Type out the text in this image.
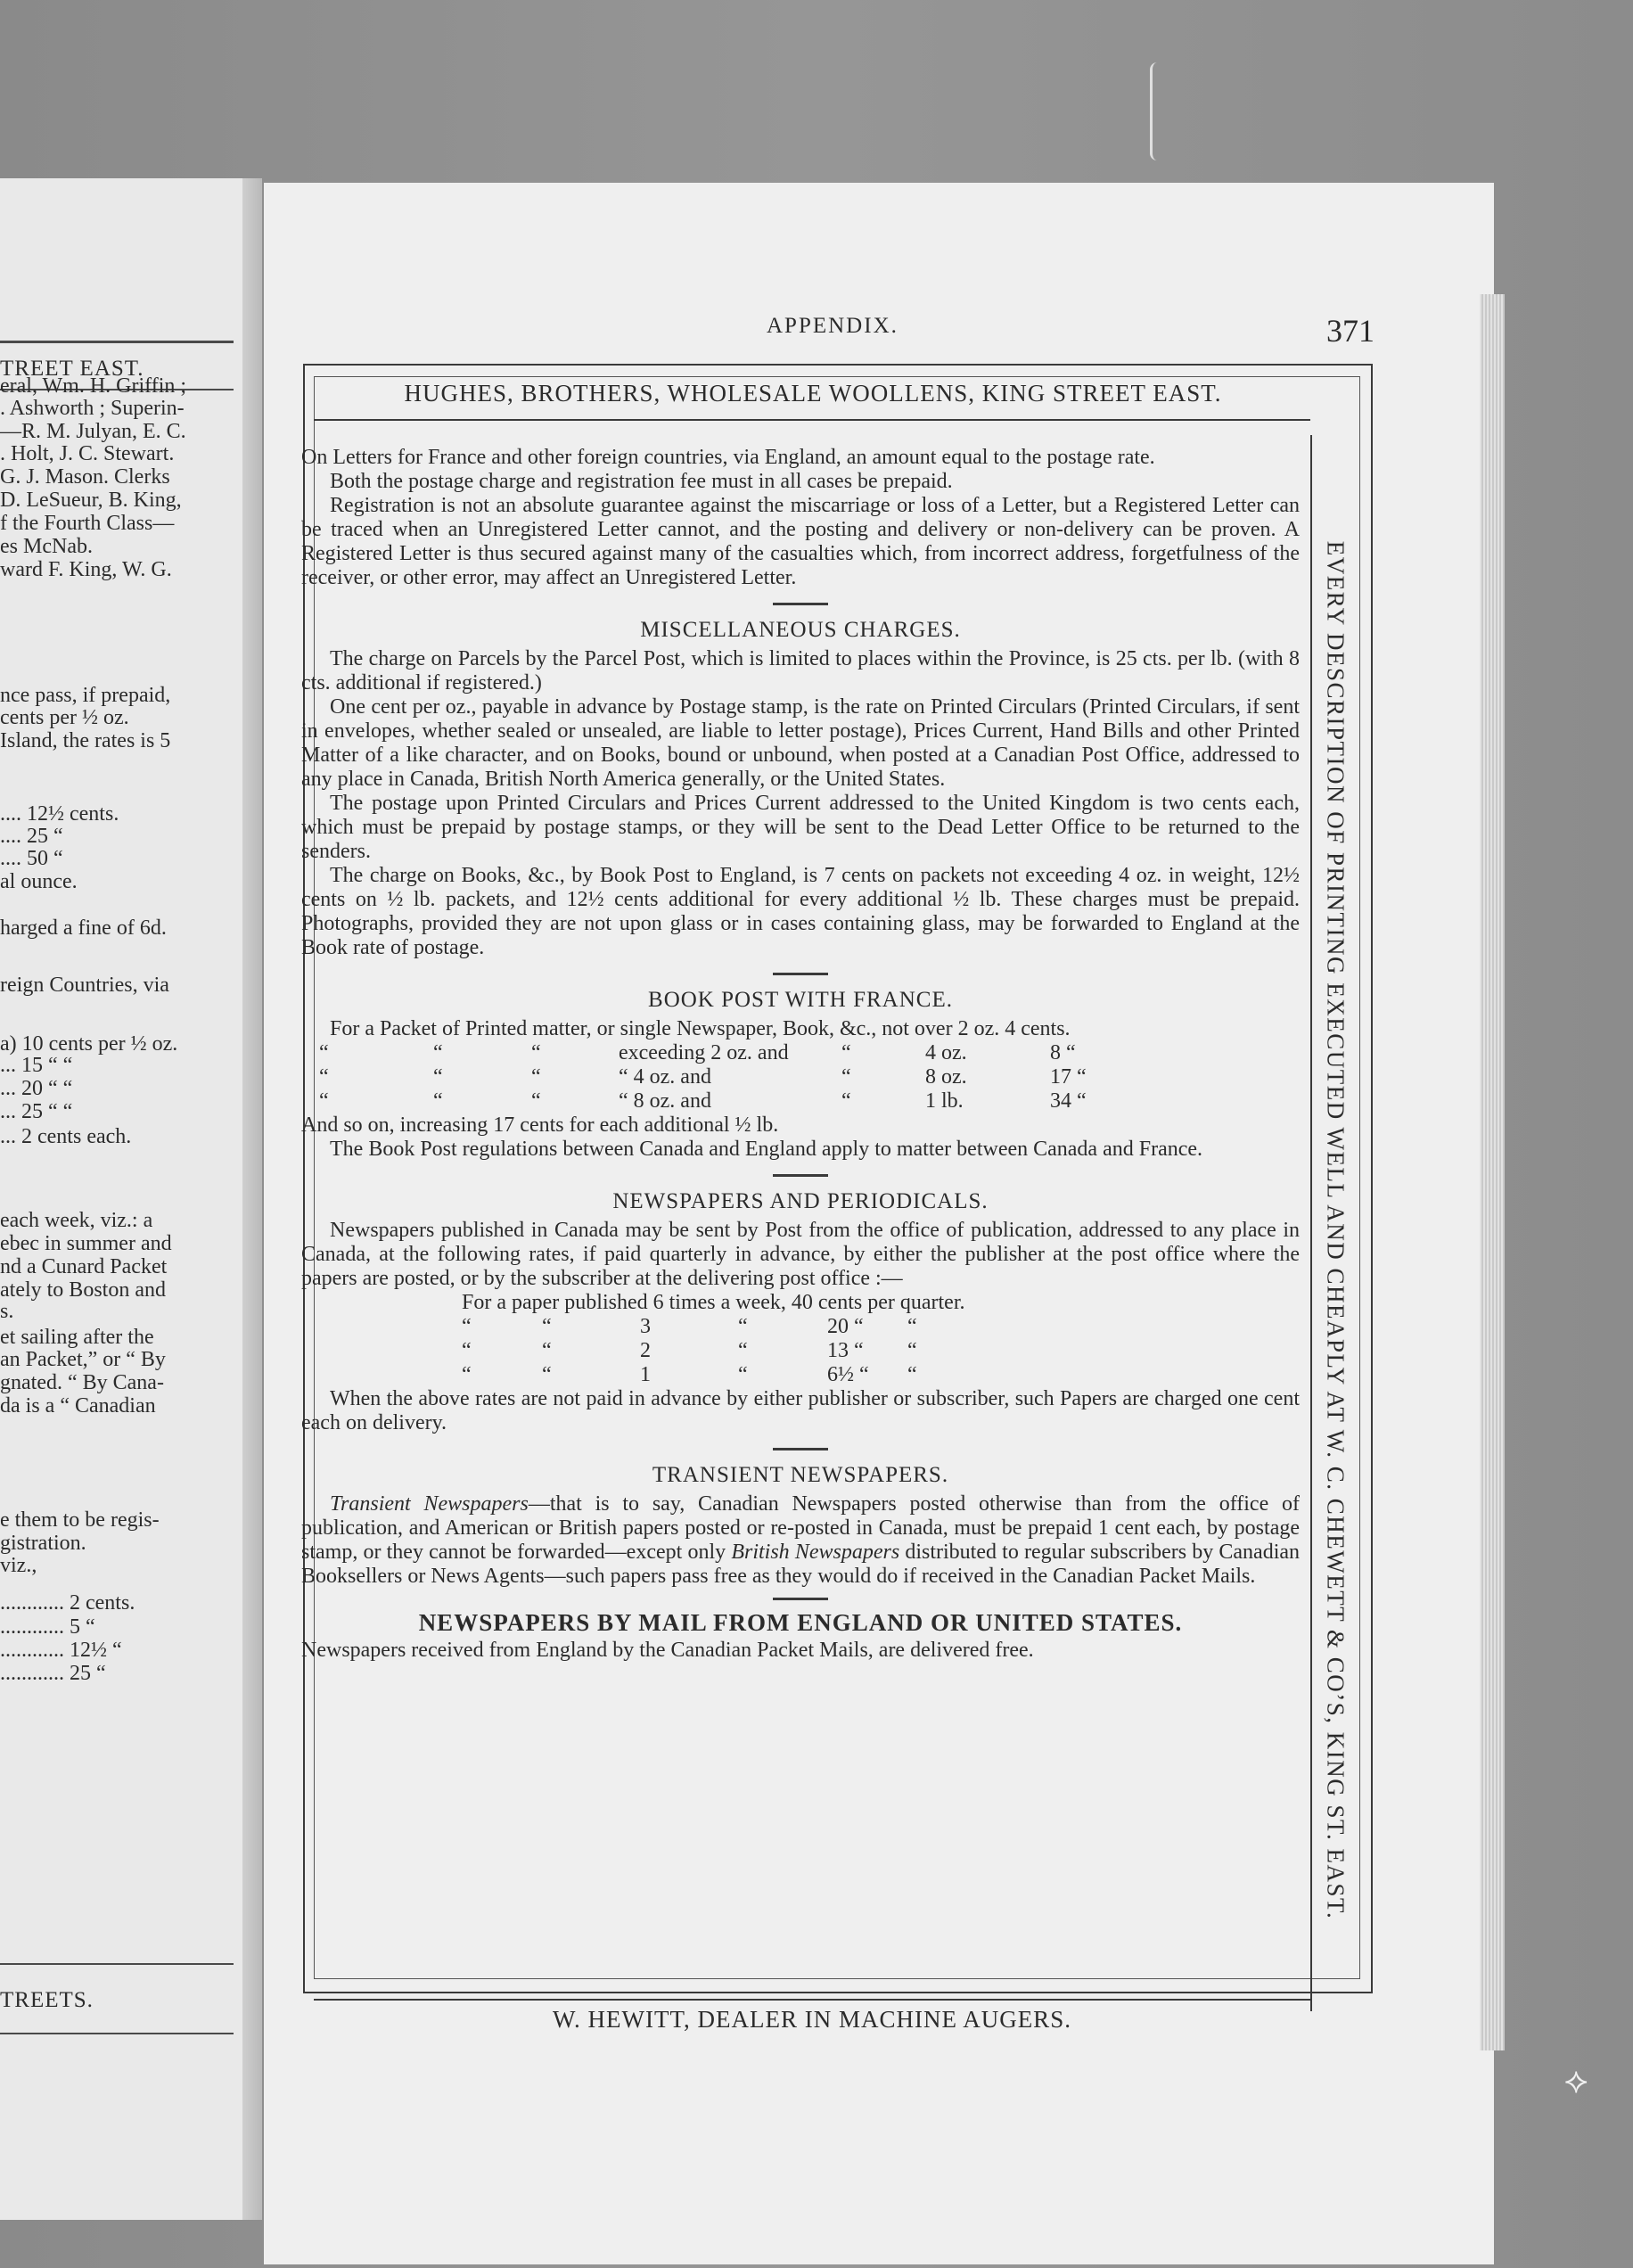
TREET EAST.
eral, Wm. H. Griffin ;
. Ashworth ; Superin-
—R. M. Julyan, E. C.
. Holt, J. C. Stewart.
G. J. Mason. Clerks
D. LeSueur, B. King,
f the Fourth Class—
es McNab.
ward F. King, W. G.
nce pass, if prepaid,
cents per ½ oz.
Island, the rates is 5
.... 12½ cents.
.... 25 “
.... 50 “
al ounce.
harged a fine of 6d.
reign Countries, via
a) 10 cents per ½ oz.
... 15 “ “
... 20 “ “
... 25 “ “
... 2 cents each.
each week, viz.: a
ebec in summer and
nd a Cunard Packet
ately to Boston and
s.
et sailing after the
an Packet,” or “ By
gnated. “ By Cana-
da is a “ Canadian
e them to be regis-
gistration.
viz.,
............ 2 cents.
............ 5 “
............ 12½ “
............ 25 “
TREETS.
APPENDIX.	371
HUGHES, BROTHERS, WHOLESALE WOOLLENS, KING STREET EAST.
EVERY DESCRIPTION OF PRINTING EXECUTED WELL AND CHEAPLY AT W. C. CHEWETT & CO’S, KING ST. EAST.

On Letters for France and other foreign countries, via England, an amount equal to the postage rate.

Both the postage charge and registration fee must in all cases be prepaid.

Registration is not an absolute guarantee against the miscarriage or loss of a Letter, but a Registered Letter can be traced when an Unregistered Letter cannot, and the posting and delivery or non-delivery can be proven. A Registered Letter is thus secured against many of the casualties which, from incorrect address, forgetfulness of the receiver, or other error, may affect an Unregistered Letter.

MISCELLANEOUS CHARGES.

The charge on Parcels by the Parcel Post, which is limited to places within the Province, is 25 cts. per lb. (with 8 cts. additional if registered.)

One cent per oz., payable in advance by Postage stamp, is the rate on Printed Circulars (Printed Circulars, if sent in envelopes, whether sealed or unsealed, are liable to letter postage), Prices Current, Hand Bills and other Printed Matter of a like character, and on Books, bound or unbound, when posted at a Canadian Post Office, addressed to any place in Canada, British North America generally, or the United States.

The postage upon Printed Circulars and Prices Current addressed to the United Kingdom is two cents each, which must be prepaid by postage stamps, or they will be sent to the Dead Letter Office to be returned to the senders.

The charge on Books, &c., by Book Post to England, is 7 cents on packets not exceeding 4 oz. in weight, 12½ cents on ½ lb. packets, and 12½ cents additional for every additional ½ lb. These charges must be prepaid. Photographs, provided they are not upon glass or in cases containing glass, may be forwarded to England at the Book rate of postage.

BOOK POST WITH FRANCE.

For a Packet of Printed matter, or single Newspaper, Book, &c., not over 2 oz. 4 cents.

“	“	“	exceeding 2 oz. and	“	4 oz.	8 “
“	“	“	“ 4 oz. and	“	8 oz.	17 “
“	“	“	“ 8 oz. and	“	1 lb.	34 “

And so on, increasing 17 cents for each additional ½ lb.

The Book Post regulations between Canada and England apply to matter between Canada and France.

NEWSPAPERS AND PERIODICALS.

Newspapers published in Canada may be sent by Post from the office of publication, addressed to any place in Canada, at the following rates, if paid quarterly in advance, by either the publisher at the post office where the papers are posted, or by the subscriber at the delivering post office :—

For a paper published 6 times a week, 40 cents per quarter.

“	“	3	“	20 “	“
“	“	2	“	13 “	“
“	“	1	“	6½ “	“

When the above rates are not paid in advance by either publisher or subscriber, such Papers are charged one cent each on delivery.

TRANSIENT NEWSPAPERS.

Transient Newspapers—that is to say, Canadian Newspapers posted otherwise than from the office of publication, and American or British papers posted or re-posted in Canada, must be prepaid 1 cent each, by postage stamp, or they cannot be forwarded—except only British Newspapers distributed to regular subscribers by Canadian Booksellers or News Agents—such papers pass free as they would do if received in the Canadian Packet Mails.

NEWSPAPERS BY MAIL FROM ENGLAND OR UNITED STATES.

Newspapers received from England by the Canadian Packet Mails, are delivered free.

W. HEWITT, DEALER IN MACHINE AUGERS.
⟡
